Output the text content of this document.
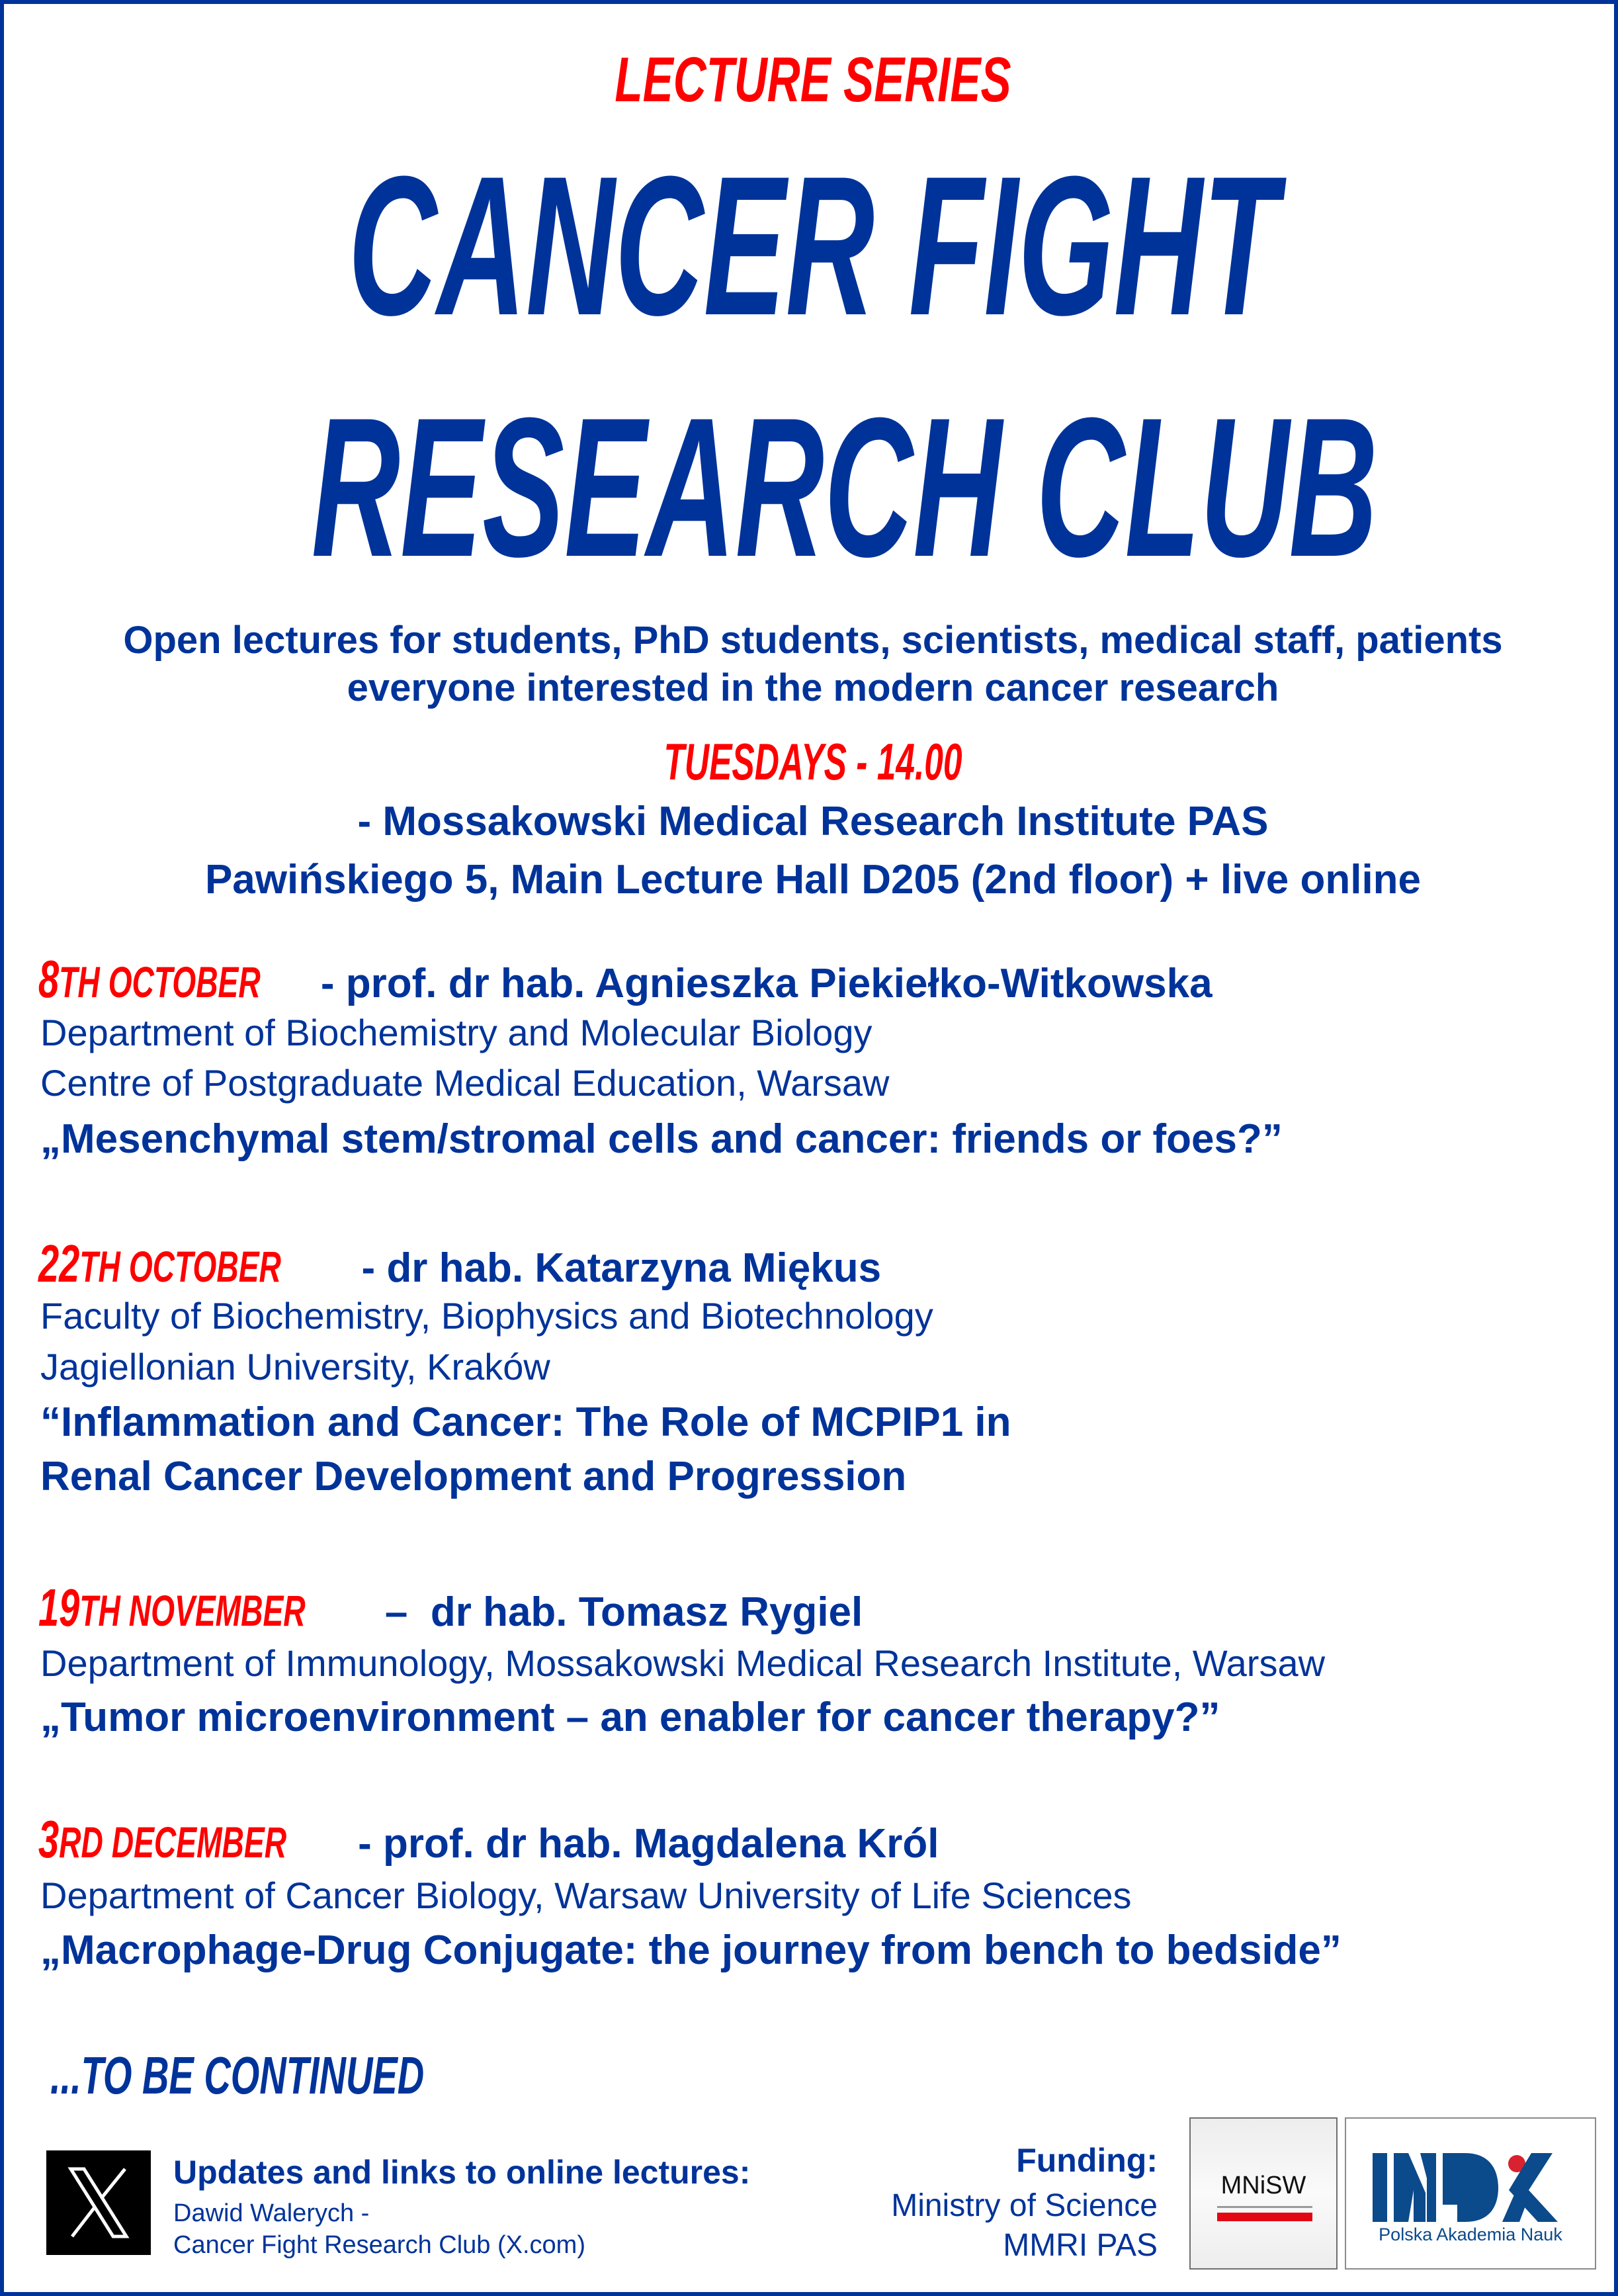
LECTURE SERIES
CANCER FIGHT
RESEARCH CLUB
Open lectures for students, PhD students, scientists, medical staff, patients
everyone interested in the modern cancer research
TUESDAYS - 14.00
- Mossakowski Medical Research Institute PAS
Pawińskiego 5, Main Lecture Hall D205 (2nd floor) + live online
8TH OCTOBER - prof. dr hab. Agnieszka Piekiełko-Witkowska
Department of Biochemistry and Molecular Biology
Centre of Postgraduate Medical Education, Warsaw
„Mesenchymal stem/stromal cells and cancer: friends or foes?”
22TH OCTOBER - dr hab. Katarzyna Miękus
Faculty of Biochemistry, Biophysics and Biotechnology
Jagiellonian University, Kraków
“Inflammation and Cancer: The Role of MCPIP1 in
Renal Cancer Development and Progression
19TH NOVEMBER – dr hab. Tomasz Rygiel
Department of Immunology, Mossakowski Medical Research Institute, Warsaw
„Tumor microenvironment – an enabler for cancer therapy?”
3RD DECEMBER - prof. dr hab. Magdalena Król
Department of Cancer Biology, Warsaw University of Life Sciences
„Macrophage-Drug Conjugate: the journey from bench to bedside”
...TO BE CONTINUED
Updates and links to online lectures:
Dawid Walerych -
Cancer Fight Research Club (X.com)
Funding:
Ministry of Science
MMRI PAS
MNiSW
Polska Akademia Nauk
